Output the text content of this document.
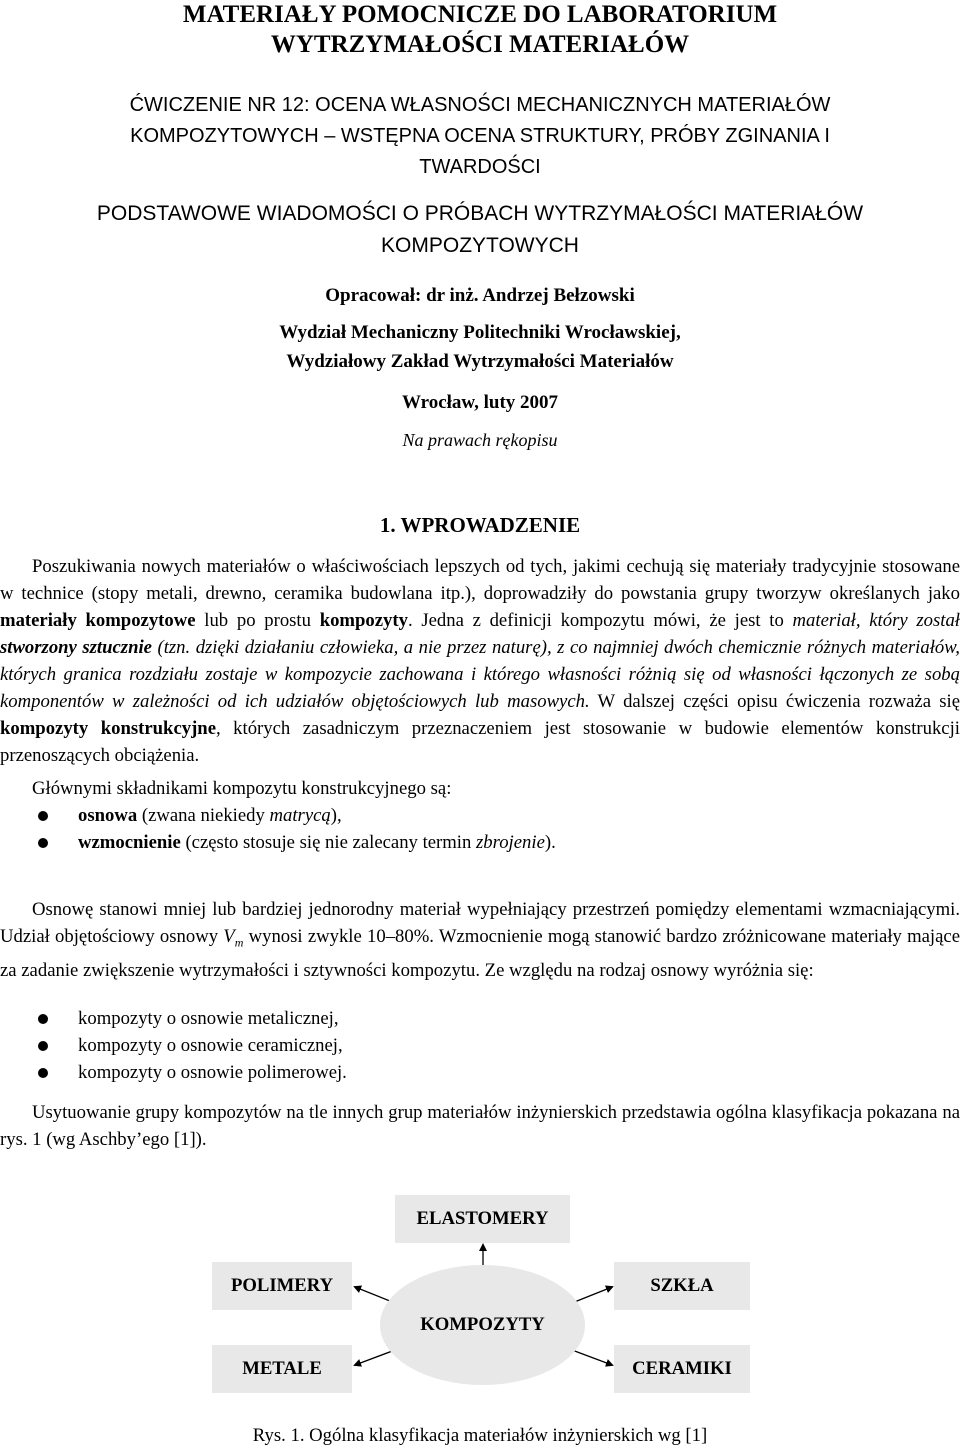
MATERIAŁY POMOCNICZE DO LABORATORIUM
WYTRZYMAŁOŚCI MATERIAŁÓW
ĆWICZENIE NR 12: OCENA WŁASNOŚCI MECHANICZNYCH MATERIAŁÓW
KOMPOZYTOWYCH – WSTĘPNA OCENA STRUKTURY, PRÓBY ZGINANIA I
TWARDOŚCI
PODSTAWOWE WIADOMOŚCI O PRÓBACH WYTRZYMAŁOŚCI MATERIAŁÓW
KOMPOZYTOWYCH
Opracował: dr inż. Andrzej Bełzowski
Wydział Mechaniczny Politechniki Wrocławskiej,
Wydziałowy Zakład Wytrzymałości Materiałów
Wrocław, luty 2007
Na prawach rękopisu
1. WPROWADZENIE
Poszukiwania nowych materiałów o właściwościach lepszych od tych, jakimi cechują się materiały tradycyjnie stosowane w technice (stopy metali, drewno, ceramika budowlana itp.), doprowadziły do powstania grupy tworzyw określanych jako materiały kompozytowe lub po prostu kompozyty. Jedna z definicji kompozytu mówi, że jest to materiał, który został stworzony sztucznie (tzn. dzięki działaniu człowieka, a nie przez naturę), z co najmniej dwóch chemicznie różnych materiałów, których granica rozdziału zostaje w kompozycie zachowana i którego własności różnią się od własności łączonych ze sobą komponentów w zależności od ich udziałów objętościowych lub masowych. W dalszej części opisu ćwiczenia rozważa się kompozyty konstrukcyjne, których zasadniczym przeznaczeniem jest stosowanie w budowie elementów konstrukcji przenoszących obciążenia.
Głównymi składnikami kompozytu konstrukcyjnego są:
osnowa (zwana niekiedy matrycą),
wzmocnienie (często stosuje się nie zalecany termin zbrojenie).
Osnowę stanowi mniej lub bardziej jednorodny materiał wypełniający przestrzeń pomiędzy elementami wzmacniającymi. Udział objętościowy osnowy $V_m$ wynosi zwykle 10–80%. Wzmocnienie mogą stanowić bardzo zróżnicowane materiały mające za zadanie zwiększenie wytrzymałości i sztywności kompozytu. Ze względu na rodzaj osnowy wyróżnia się:
kompozyty o osnowie metalicznej,
kompozyty o osnowie ceramicznej,
kompozyty o osnowie polimerowej.
Usytuowanie grupy kompozytów na tle innych grup materiałów inżynierskich przedstawia ogólna klasyfikacja pokazana na rys. 1 (wg Aschby’ego [1]).
ELASTOMERY
POLIMERY
METALE
SZKŁA
CERAMIKI
KOMPOZYTY
Rys. 1. Ogólna klasyfikacja materiałów inżynierskich wg [1]
